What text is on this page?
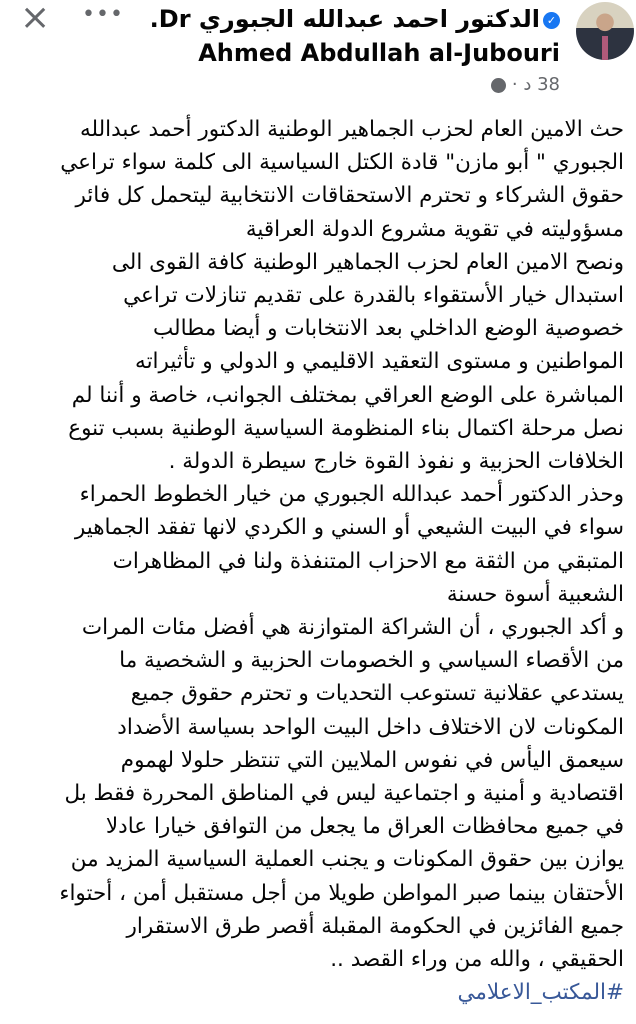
× •••	✓الدكتور احمد عبدالله الجبوري Dr.
Ahmed Abdullah al-Jubouri
38 د ·
حث الامين العام لحزب الجماهير الوطنية الدكتور أحمد عبدالله
الجبوري " أبو مازن" قادة الكتل السياسية الى كلمة سواء تراعي
حقوق الشركاء و تحترم الاستحقاقات الانتخابية ليتحمل كل فائر
مسؤوليته في تقوية مشروع الدولة العراقية
ونصح الامين العام لحزب الجماهير الوطنية كافة القوى الى
استبدال خيار الأستقواء بالقدرة على تقديم تنازلات تراعي
خصوصية الوضع الداخلي بعد الانتخابات و أيضا مطالب
المواطنين و مستوى التعقيد الاقليمي و الدولي و تأثيراته
المباشرة على الوضع العراقي بمختلف الجوانب، خاصة و أننا لم
نصل مرحلة اكتمال بناء المنظومة السياسية الوطنية بسبب تنوع
الخلافات الحزبية و نفوذ القوة خارج سيطرة الدولة .
وحذر الدكتور أحمد عبدالله الجبوري من خيار الخطوط الحمراء
سواء في البيت الشيعي أو السني و الكردي لانها تفقد الجماهير
المتبقي من الثقة مع الاحزاب المتنفذة ولنا في المظاهرات
الشعبية أسوة حسنة
و أكد الجبوري ، أن الشراكة المتوازنة هي أفضل مئات المرات
من الأقصاء السياسي و الخصومات الحزبية و الشخصية ما
يستدعي عقلانية تستوعب التحديات و تحترم حقوق جميع
المكونات لان الاختلاف داخل البيت الواحد بسياسة الأضداد
سيعمق اليأس في نفوس الملايين التي تنتظر حلولا لهموم
اقتصادية و أمنية و اجتماعية ليس في المناطق المحررة فقط بل
في جميع محافظات العراق ما يجعل من التوافق خيارا عادلا
يوازن بين حقوق المكونات و يجنب العملية السياسية المزيد من
الأحتقان بينما صبر المواطن طويلا من أجل مستقبل أمن ، أحتواء
جميع الفائزين في الحكومة المقبلة أقصر طرق الاستقرار
الحقيقي ، والله من وراء القصد ..
#المكتب_الاعلامي
